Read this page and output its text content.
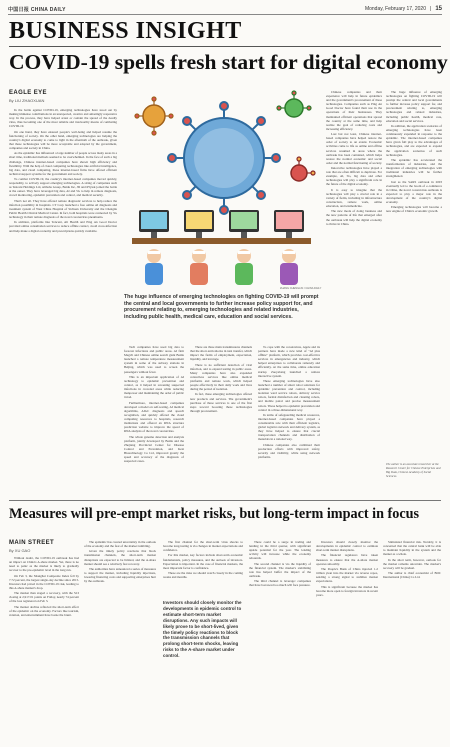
中国日报 CHINA DAILY	Monday, February 17, 2020 | 15
BUSINESS INSIGHT
COVID-19 spells fresh start for digital economy
EAGLE EYE
By LIU ZHAOXUAN

In the battle against COVID-19, emerging technologies have stood out by making immense contributions in an unexpected, creative and amazingly responsive way. In the process, they have helped arrest or contain the spread of the deadly virus, thus becoming one of the most reliable and trustworthy means of combating COVID-19.

On one hand, they have ensured people's well-being and helped resume the functioning of society. On the other hand, emerging technologies are helping the country's digital economy to come to light in the aftermath of the outbreak, given that these technologies will be more acceptable and adopted by the government, companies and society in China.

As the epidemic has influenced a large number of people across many areas in a short time, traditional methods seemed to be overwhelmed. In the face of such a big challenge, Chinese internet-based companies have shown high efficiency and flexibility. With the help of cloud computing technologies like artificial intelligence, big data, and cloud computing, these internet-based firms have offered efficient technical support systems for the government and society.

To combat COVID-19, the country's internet-based companies moved quickly, responsibly, to actively support emerging technologies. A string of companies such as Tencent Holdings Ltd, Alibaba Group, Baidu Inc, JD and iFlytek joined the battle at the outset. They have leveraged big data, AI and 5G to help in remote diagnosis, crowd monitoring, epidemic prevention and control, and medical security.

That's not all. They have offered remote diagnostic services to help reduce the infection possibility in hospitals. CT Corp launched a free online AI diagnosis and treatment system of West China Hospital of Sichuan University and the Chengdu Public Health Clinical Medical Center. In fact, both hospitals were connected by 5G technology in their remote diagnosis of the novel coronavirus pneumonia.

In addition, platforms like Tencent, Ali Health and Ping An Good Doctor provided online consultation services to reduce offline contact, avoid cross-infection and help make a digital economy and prescriptions quickly available.

Tech companies have used big data to forecast infections and public areas. AI firm Megvii and Chinese online search giant Baidu launched a remote temperature measurement system in some of the subway stations in Beijing, which was used to screen the passengers without fever.

This is an important application of AI technology to epidemic prevention and control, as it helped in screening suspected infections in crowded areas while reducing manpower and maintaining the order of public travel.

Furthermore, internet-based companies developed a model on self-testing, AI medical algorithms, AIGC diagnosis and speech recognition, and quickly offered the cloud computing resources to hospitals, research institutions and offered an RNA structure prediction website to improve the speed of RNA analysis of the novel coronavirus.

The whole genome detection and analysis platform, jointly developed by Baidu and the Zhejiang Provincial Center for Disease Control and Prevention, and Kezi Biotechnology Co Ltd, improved greatly the speed and accuracy of the diagnosis of suspected cases.

There are three main transmissions channels that the short-term shocks in turn transfer, which impact the fields of employment, expectation, liquidity, and leverage.

There is no sufficient detection of viral infection, and to expand testing in public areas. Many companies have also expanded contactless services like online medical platforms and remote work, which helped people effectively in their daily work and lives during the period of isolation.

In fact, these emerging technologies offered new products and services. The government's purchase of these services is one of the first steps toward boosting these technologies through procurement.

To cope with the coronavirus, Apple and its partners have made a new kind of "AI plus offline" platform, which provides cost-effective services in emergencies and industry, which helped enterprises to collaborate remotely and efficiently. At the same time, online education startup Zuoyebang launched a remote interactive system.

These emerging technologies have also launched a number of smart robot solutions for epidemic prevention and control, including isolation ward service robots, delivery service robots, formal disinfection and cleaning robots, and mobile patrol and precise measurement robots. These helped to epidemic prevention and control in a three-dimensional way.

In terms of safeguarding medical resources, internet-based companies have played a considerable role with their efficient logistics, global logistics network and delivery system, as they have helped to ensure that crucial transportation channels and distribution of materials in a rational way.

Chinese companies also combined their production efforts with improved safety, security and visibility, while using network platforms.

Chinese companies and their experience will help in future epidemics and the government's procurement of these technologies. Companies such as Ping An Good Doctor have found their use in the operations of their businesses. They maintained efficient operations that spread the country at the same time, and help realize the goal of reducing costs and increasing efficiency.

Last but not least, Chinese internet-based companies have helped restore the order of society to an extent. Economic activities came to life as online and offline services resumed in areas where the outbreak has been contained, which helps restore the normal economic and social order and the normal functioning of society.

Innovative technologies have played a role that are often difficult to duplicate. For example, AI, 5G, big data and other technologies will play a significant role in the future of the digital economy.

It is easy to imagine that the technologies will play a crucial role in a variety of fields, including in infrastructure construction, remote work, online education, and telemedicine.

The new mode of doing business and the new patterns of life that emerged after the outbreak will help the digital economy to thrive in China.

The huge influence of emerging technologies on fighting COVID-19 will prompt the central and local governments to further increase policy support for, and procurement relating to, emerging technologies and related industries, including public health, medical care, education and social services.

In addition, the application scenarios of emerging technologies have been continuously expanded in response to the epidemic. The internet-based companies have given full play to the advantages of technologies, and are expected to expand the application scenarios of such technologies.

The epidemic has accelerated the transformation of industries, and the integration of emerging technologies with traditional industries will be further strengthened.

Just as the SARS outbreak in 2003 eventually led to the boom of e-commerce in China, the novel coronavirus outbreak is expected to play a major role in the development of the country's digital economy.

Emerging technologies will become a new engine of China's economic growth.

The author is an associate researcher at the Research Center for Chinese Enterprises and Big Data, Chinese Academy of Social Sciences.
ZHANG CHENGLIN / CHINA DAILY
The huge influence of emerging technologies on fighting COVID-19 will prompt the central and local governments to further increase policy support for, and procurement relating to, emerging technologies and related industries, including public health, medical care, education and social services.
Measures will pre-empt market risks, but long-term impact in focus
MAIN STREET
By XU GAO

Without doubt, the COVID-19 outbreak has had an impact on China's A-share market. Yet, there is no need to panic as the market is likely to gradually recover to the pre-epidemic level in the long run.

On Feb 3, the Shanghai Composite Index fell by 7.72 percent, the largest single-day decline since 2015. Investors had priced in the COVID-19 risk, leading to this A-share market's drop.

The market then staged a recovery, with the SCI closing at 2,917.01 points on Friday, nearly 74 percent of the loss registered on Feb 3.

The market decline reflected the short-term effect of the epidemic on the economy. Factors like tourism, aviation, and entertainment have borne the brunt.

The epidemic has created uncertainty in the outlook of the economy and the fear of the market tumbling.

Given the timely policy reactions that block transmission channels, the short-term market disruptions are expected to be limited, and the A-share market should see a relatively fast recovery.

The authorities have announced a series of measures to support the market, including liquidity injections, lowering financing costs and supporting enterprises hurt by the outbreak.

The first channel for the short-term virus shocks to become long-lasting is via changes in market expectations and confidence.

For this market, key factors include short-term economic fundamentals, policy measures, and the outlook of investors. Expectation is important. In the case of financial markets, the most important factor is confidence.

These are the risks we should watch closely in the coming weeks and months.

Investors should closely monitor the developments in epidemic control to estimate short-term market disruptions. Any such impacts will likely prove to be short-lived, given the timely policy reactions to block the transmission channels that prolong short-term shocks, leaving risks to the A-share market under control.

There could be a surge in trading and lending in the third quarter, with significant upside potential for the year. The lending activity will increase while the economy rebounds.

The second channel is via the liquidity of the financial system. The market's stabilizing role has helped buffer the impact of the outbreak.

The third channel is leverage: companies that have borrowed too much will face pressure.

Investors should closely monitor the developments in epidemic control to estimate short-term market disruptions.

The financial regulators have taken measures to ensure that the A-share market operates smoothly.

The People's Bank of China injected 1.2 trillion yuan into the market via reverse repos, sending a strong signal to stabilize market expectations.

This is significant because the market has become more open to foreign investors in recent years.

Stimulated financial risk. Notably, it is concerned that the central bank will be able to maintain liquidity in the system and the market as a whole.

In the short term, however, outlook for the market remains uncertain. The market's recovery will be gradual.

The author is chief economist of BOC International (China) Co Ltd.
